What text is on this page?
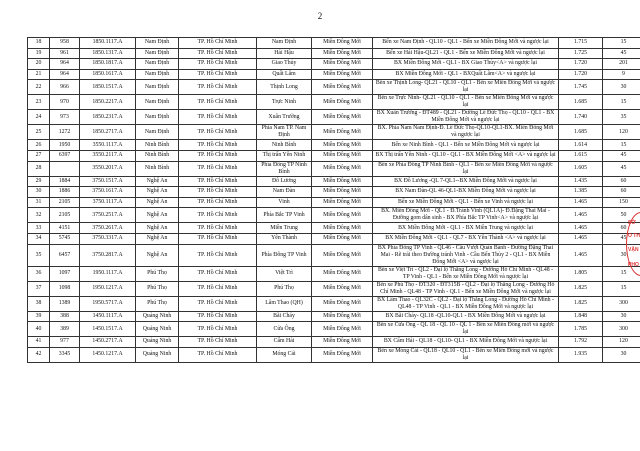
2
18	958	1850.1117.A	Nam Định	TP. Hồ Chí Minh	Nam Định	Miền Đông Mới	Bến xe Nam Định - QL10 - QL1 - Bến xe Miền Đông Mới và ngược lại	1.715	15
19	961	1850.1317.A	Nam Định	TP. Hồ Chí Minh	Hải Hậu	Miền Đông Mới	Bến xe Hải Hậu-QL21 - QL1 - Bến xe Miền Đông Mới và ngược lại	1.725	45
20	964	1850.1817.A	Nam Định	TP. Hồ Chí Minh	Giao Thủy	Miền Đông Mới	BX Miền Đông Mới - QL1 - BX Giao Thủy<A> và ngược lại	1.720	201
21	964	1850.1617.A	Nam Định	TP. Hồ Chí Minh	Quất Lâm	Miền Đông Mới	BX Miền Đông Mới - QL1 - BXQuất Lâm<A> và ngược lại	1.720	9
22	966	1850.1517.A	Nam Định	TP. Hồ Chí Minh	Thịnh Long	Miền Đông Mới	Bến xe Thịnh Long- QL21 - QL10 - QL1 - Bến xe Miền Đông Mới và ngược lại	1.745	30
23	970	1850.2217.A	Nam Định	TP. Hồ Chí Minh	Trực Ninh	Miền Đông Mới	Bến xe Trực Ninh- QL21 - QL10 - QL1 - Bến xe Miền Đông Mới và ngược lại	1.685	15
24	973	1850.2317.A	Nam Định	TP. Hồ Chí Minh	Xuân Trường	Miền Đông Mới	BX Xuân Trường - ĐT489 - QL21 - Đường Lê Đức Thọ - QL10 - QL1 - BX Miền Đông Mới và ngược lại	1.740	35
25	1272	1850.2717.A	Nam Định	TP. Hồ Chí Minh	Phía Nam TP. Nam Định	Miền Đông Mới	BX. Phía Nam Nam Định-Đ. Lê Đức Thọ-QL10-QL1-BX. Miền Đông Mới và ngược lại	1.685	120
26	1950	3550.1117.A	Ninh Bình	TP. Hồ Chí Minh	Ninh Bình	Miền Đông Mới	Bến xe Ninh Bình - QL1 - Bến xe Miền Đông Mới và ngược lại	1.614	15
27	6397	3550.2117.A	Ninh Bình	TP. Hồ Chí Minh	Thị trấn Yên Ninh	Miền Đông Mới	BX Thị trấn Yên Ninh - QL10 - QL1 - BX Miền Đông Mới <A> và ngược lại	1.615	45
28		3550.2017.A	Ninh Bình	TP. Hồ Chí Minh	Phía Đông TP Ninh Bình	Miền Đông Mới	Bến xe Phía Đông TP Ninh Bình - QL1 - Bến xe Miền Đông Mới và ngược lại	1.605	45
29	1884	3750.1517.A	Nghệ An	TP. Hồ Chí Minh	Đô Lương	Miền Đông Mới	BX Đô Lương -QL 7-QL1--BX Miền Đông Mới và ngược lại	1.435	60
30	1886	3750.1617.A	Nghệ An	TP. Hồ Chí Minh	Nam Đàn	Miền Đông Mới	BX Nam Đàn-QL 46-QL1-BX Miền Đông Mới và ngược lại	1.385	60
31	2105	3750.1117.A	Nghệ An	TP. Hồ Chí Minh	Vinh	Miền Đông Mới	Bến xe Miền Đông Mới - QL1 - Bến xe Vinh và ngược lại	1.465	150
32	2105	3750.2517.A	Nghệ An	TP. Hồ Chí Minh	Phía Bắc TP Vinh	Miền Đông Mới	BX. Miền Đông Mới - QL1 - Đ.Trảnh Vinh (QL1A)- Đ.Đặng Thai Mai - Đường gom dân sinh - BX Phía Bắc TP Vinh<A> và ngược lại	1.465	50
33	4151	3750.2617.A	Nghệ An	TP. Hồ Chí Minh	Miền Trung	Miền Đông Mới	BX Miền Đông Mới - QL1 - BX Miền Trung và ngược lại	1.465	60
34	5745	3750.3317.A	Nghệ An	TP. Hồ Chí Minh	Yên Thành	Miền Đông Mới	BX Miền Đông Mới - QL1 - QL7 - BX Yên Thành <A> và ngược lại	1.465	45
35	6457	3750.2817.A	Nghệ An	TP. Hồ Chí Minh	Phía Đông TP Vinh	Miền Đông Mới	BX Phía Đông TP Vinh - QL46 - Cầu Vượt Quán Bánh - Đường Đặng Thai Mai - Rẽ trái theo Đường tránh Vinh - Cầu Bến Thủy 2 - QL1 - BX Miền Đông Mới <A> và ngược lại	1.465	30
36	1097	1950.1117.A	Phú Thọ	TP. Hồ Chí Minh	Việt Trì	Miền Đông Mới	Bến xe Việt Trì - QL2 - Đại lộ Thăng Long - Đường Hồ Chí Minh - QL48 - TP Vinh - QL1 - Bến xe Miền Đông Mới và ngược lại	1.805	15
37	1098	1950.1217.A	Phú Thọ	TP. Hồ Chí Minh	Phú Thọ	Miền Đông Mới	Bến xe Phú Thọ - ĐT320 - ĐT315B - QL2 - Đại lộ Thăng Long - Đường Hồ Chí Minh - QL48 - TP Vinh - QL1 - Bến xe Miền Đông Mới và ngược lại	1.825	15
38	1389	1950.5717.A	Phú Thọ	TP. Hồ Chí Minh	Lâm Thao (QH)	Miền Đông Mới	BX Lâm Thao - QL32C - QL2 - Đại lộ Thăng Long - Đường Hồ Chí Minh - QL48 - TP Vinh - QL1 - BX Miền Đông Mới và ngược lại	1.825	300
39	388	1450.1117.A	Quảng Ninh	TP. Hồ Chí Minh	Bãi Cháy	Miền Đông Mới	BX Bãi Cháy- QL18 -QL10-QL1 - BX Miền Đông Mới và ngược lại	1.848	30
40	389	1450.1517.A	Quảng Ninh	TP. Hồ Chí Minh	Cửa Ông	Miền Đông Mới	Bến xe Cửa Ông - QL 18 - QL 10 - QL 1 - Bến xe Miền Đông mới và ngược lại	1.785	300
41	977	1450.2717.A	Quảng Ninh	TP. Hồ Chí Minh	Cẩm Hải	Miền Đông Mới	BX Cẩm Hải - QL18 - QL10- QL1 - BX Miền Đông Mới và ngược lại	1.792	120
42	3345	1450.1217.A	Quảng Ninh	TP. Hồ Chí Minh	Móng Cái	Miền Đông Mới	Bến xe Móng Cái - QL18 - QL10 - QL1 - Bến xe Miền Đông mới và ngược lại	1.935	30
SỞ
O TH
VẬN
PHO
